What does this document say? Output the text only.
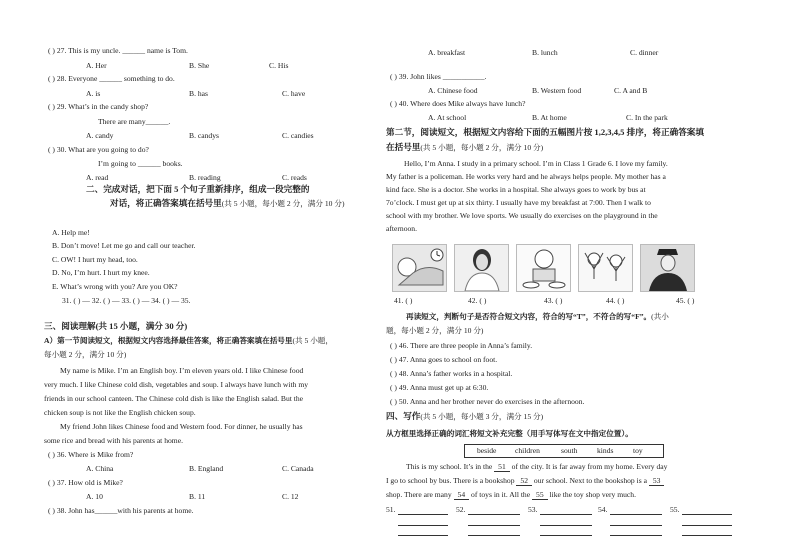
( ) 27. This is my uncle. ______ name is Tom.
A. Her	B. She	C. His
( ) 28. Everyone ______ something to do.
A. is	B. has	C. have
( ) 29. What’s in the candy shop?
There are many______.
A. candy	B. candys	C. candies
( ) 30. What are you going to do?
I’m going to ______ books.
A. read	B. reading	C. reads
二、完成对话，把下面 5 个句子重新排序，组成一段完整的
对话，将正确答案填在括号里(共 5 小题，每小题 2 分，满分 10 分)
A. Help me!
B. Don’t move! Let me go and call our teacher.
C. OW! I hurt my head, too.
D. No, I’m hurt. I hurt my knee.
E. What’s wrong with you? Are you OK?
31. ( ) — 32. ( ) — 33. ( ) — 34. ( ) — 35.
三、阅读理解(共 15 小题，满分 30 分)
A）第一节阅读短文，根据短文内容选择最佳答案，将正确答案填在括号里(共 5 小题，
每小题 2 分，满分 10 分)
My name is Mike. I’m an English boy. I’m eleven years old. I like Chinese food
very much. I like Chinese cold dish, vegetables and soup. I always have lunch with my
friends in our school canteen. The Chinese cold dish is like the English salad. But the
chicken soup is not like the English chicken soup.
My friend John likes Chinese food and Western food. For dinner, he usually has
some rice and bread with his parents at home.
( ) 36. Where is Mike from?
A. China	B. England	C. Canada
( ) 37. How old is Mike?
A. 10	B. 11	C. 12
( ) 38. John has______with his parents at home.
A. breakfast	B. lunch	C. dinner
( ) 39. John likes ___________.
A. Chinese food	B. Western food	C. A and B
( ) 40. Where does Mike always have lunch?
A. At school	B. At home	C. In the park
第二节，阅读短文，根据短文内容给下面的五幅图片按 1,2,3,4,5 排序，将正确答案填
在括号里(共 5 小题，每小题 2 分，满分 10 分)
Hello, I’m Anna. I study in a primary school. I’m in Class 1 Grade 6. I love my family.
My father is a policeman. He works very hard and he always helps people. My mother has a
kind face. She is a doctor. She works in a hospital. She always goes to work by bus at
7o’clock. I must get up at six thirty. I usually have my breakfast at 7:00. Then I walk to
school with my brother. We love sports. We usually do exercises on the playground in the
afternoon.
41. ( )	42. ( )	43. ( )	44. ( )	45. ( )
再读短文，判断句子是否符合短文内容，符合的写“T”，不符合的写“F”。(共小
题，每小题 2 分，满分 10 分)
( ) 46. There are three people in Anna’s family.
( ) 47. Anna goes to school on foot.
( ) 48. Anna’s father works in a hospital.
( ) 49. Anna must get up at 6:30.
( ) 50. Anna and her brother never do exercises in the afternoon.
四、写作(共 5 小题，每小题 3 分，满分 15 分)
从方框里选择正确的词汇将短文补充完整（用手写体写在文中指定位置）。
beside children	south	kinds	toy
This is my school. It’s in the 51 of the city. It is far away from my home. Every day
I go to school by bus. There is a bookshop 52 our school. Next to the bookshop is a 53
shop. There are many 54 of toys in it. All the 55 like the toy shop very much.
51.	52.	53.	54.	55.
